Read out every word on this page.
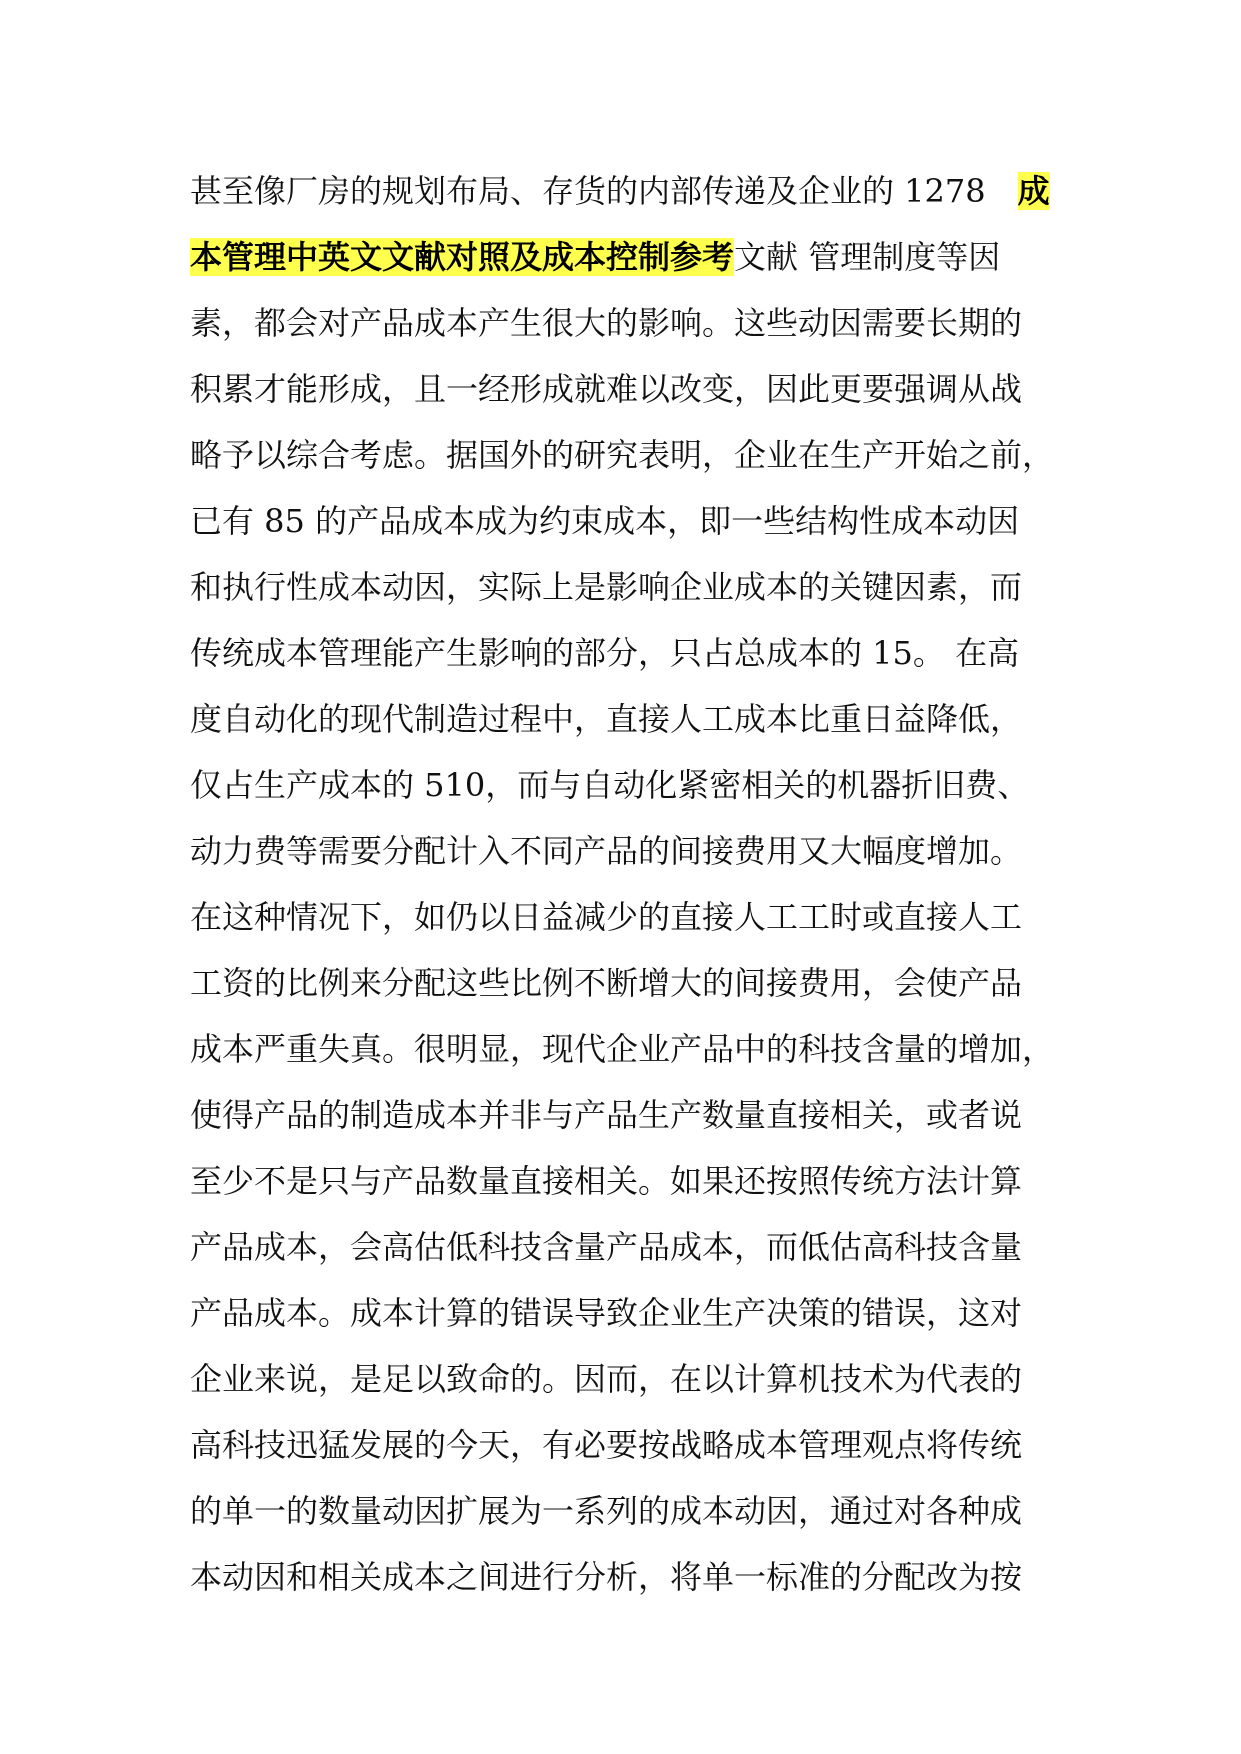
甚至像厂房的规划布局、存货的内部传递及企业的 1278　成
本管理中英文文献对照及成本控制参考文献 管理制度等因
素，都会对产品成本产生很大的影响。这些动因需要长期的
积累才能形成，且一经形成就难以改变，因此更要强调从战
略予以综合考虑。据国外的研究表明，企业在生产开始之前，
已有 85 的产品成本成为约束成本，即一些结构性成本动因
和执行性成本动因，实际上是影响企业成本的关键因素，而
传统成本管理能产生影响的部分，只占总成本的 15。 在高
度自动化的现代制造过程中，直接人工成本比重日益降低，
仅占生产成本的 510，而与自动化紧密相关的机器折旧费、
动力费等需要分配计入不同产品的间接费用又大幅度增加。
在这种情况下，如仍以日益减少的直接人工工时或直接人工
工资的比例来分配这些比例不断增大的间接费用，会使产品
成本严重失真。很明显，现代企业产品中的科技含量的增加，
使得产品的制造成本并非与产品生产数量直接相关，或者说
至少不是只与产品数量直接相关。如果还按照传统方法计算
产品成本，会高估低科技含量产品成本，而低估高科技含量
产品成本。成本计算的错误导致企业生产决策的错误，这对
企业来说，是足以致命的。因而，在以计算机技术为代表的
高科技迅猛发展的今天，有必要按战略成本管理观点将传统
的单一的数量动因扩展为一系列的成本动因，通过对各种成
本动因和相关成本之间进行分析，将单一标准的分配改为按
